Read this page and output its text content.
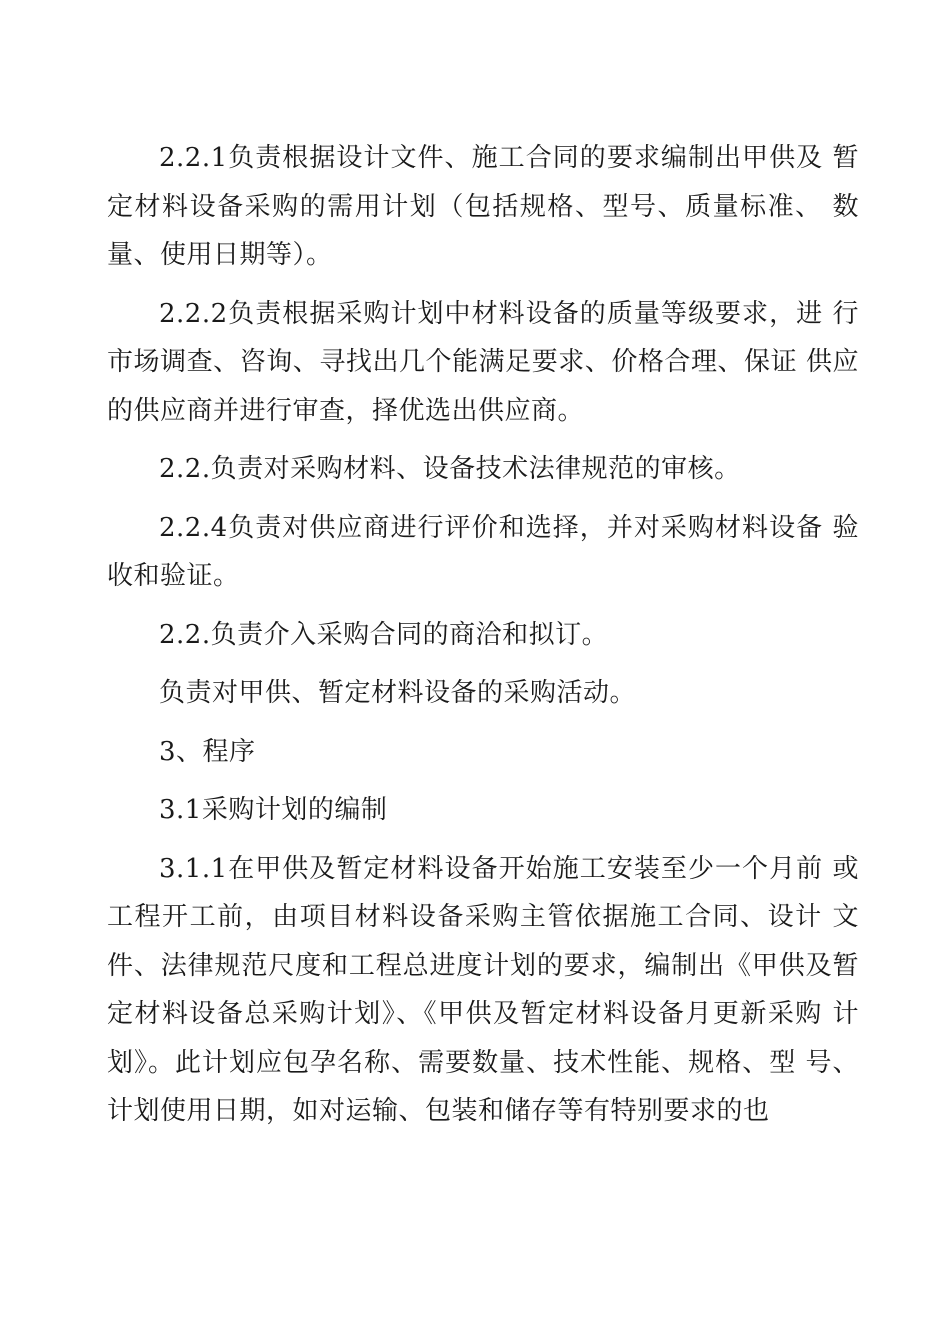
2.2.1负责根据设计文件、施工合同的要求编制出甲供及 暂定材料设备采购的需用计划（包括规格、型号、质量标准、 数量、使用日期等）。

2.2.2负责根据采购计划中材料设备的质量等级要求，进 行市场调查、咨询、寻找出几个能满足要求、价格合理、保证 供应的供应商并进行审查，择优选出供应商。

2.2.负责对采购材料、设备技术法律规范的审核。

2.2.4负责对供应商进行评价和选择，并对采购材料设备 验收和验证。

2.2.负责介入采购合同的商洽和拟订。

负责对甲供、暂定材料设备的采购活动。

3、程序

3.1采购计划的编制

3.1.1在甲供及暂定材料设备开始施工安装至少一个月前 或工程开工前，由项目材料设备采购主管依据施工合同、设计 文件、法律规范尺度和工程总进度计划的要求，编制出《甲供及暂定材料设备总采购计划》、《甲供及暂定材料设备月更新采购 计划》。此计划应包孕名称、需要数量、技术性能、规格、型 号、计划使用日期，如对运输、包装和储存等有特别要求的也
